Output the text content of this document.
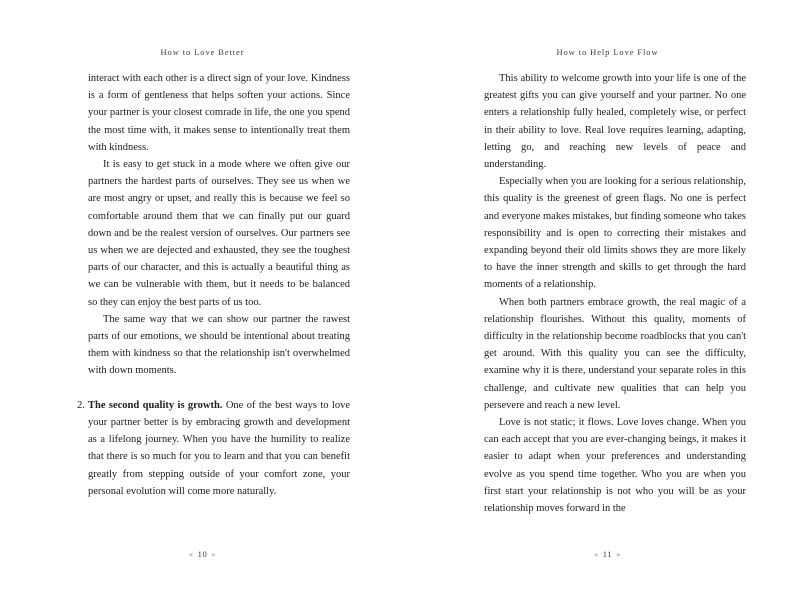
How to Love Better

interact with each other is a direct sign of your love. Kindness is a form of gentleness that helps soften your actions. Since your partner is your closest comrade in life, the one you spend the most time with, it makes sense to intentionally treat them with kindness.

It is easy to get stuck in a mode where we often give our partners the hardest parts of ourselves. They see us when we are most angry or upset, and really this is because we feel so comfortable around them that we can finally put our guard down and be the realest version of ourselves. Our partners see us when we are dejected and exhausted, they see the toughest parts of our character, and this is actually a beautiful thing as we can be vulnerable with them, but it needs to be balanced so they can enjoy the best parts of us too.

The same way that we can show our partner the rawest parts of our emotions, we should be intentional about treating them with kindness so that the relationship isn't overwhelmed with down moments.

2. The second quality is growth. One of the best ways to love your partner better is by embracing growth and development as a lifelong journey. When you have the humility to realize that there is so much for you to learn and that you can benefit greatly from stepping outside of your comfort zone, your personal evolution will come more naturally.

« 10 »
How to Help Love Flow

This ability to welcome growth into your life is one of the greatest gifts you can give yourself and your partner. No one enters a relationship fully healed, completely wise, or perfect in their ability to love. Real love requires learning, adapting, letting go, and reaching new levels of peace and understanding.

Especially when you are looking for a serious relationship, this quality is the greenest of green flags. No one is perfect and everyone makes mistakes, but finding someone who takes responsibility and is open to correcting their mistakes and expanding beyond their old limits shows they are more likely to have the inner strength and skills to get through the hard moments of a relationship.

When both partners embrace growth, the real magic of a relationship flourishes. Without this quality, moments of difficulty in the relationship become roadblocks that you can't get around. With this quality you can see the difficulty, examine why it is there, understand your separate roles in this challenge, and cultivate new qualities that can help you persevere and reach a new level.

Love is not static; it flows. Love loves change. When you can each accept that you are ever-changing beings, it makes it easier to adapt when your preferences and understanding evolve as you spend time together. Who you are when you first start your relationship is not who you will be as your relationship moves forward in the

« 11 »
